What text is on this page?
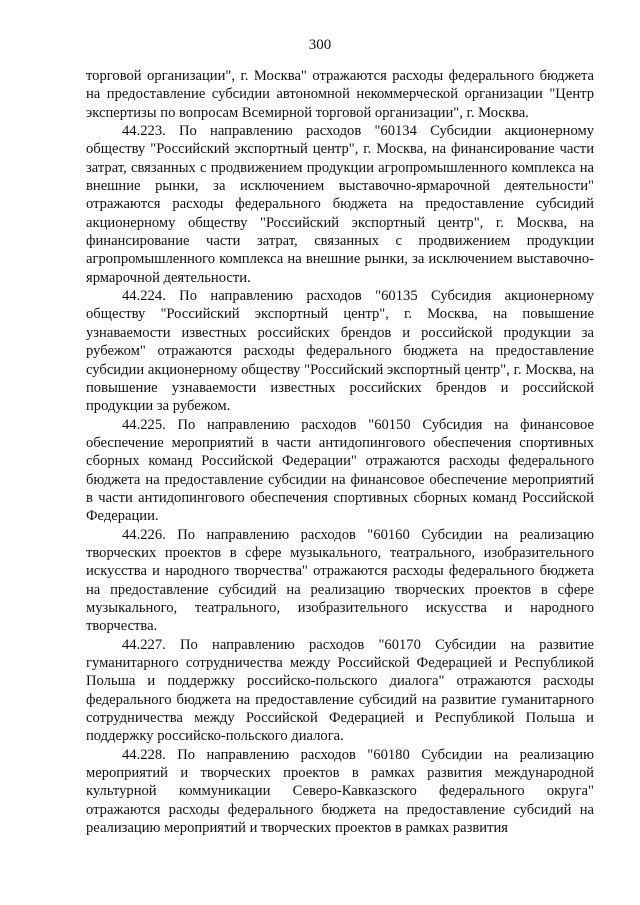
300

торговой организации", г. Москва" отражаются расходы федерального бюджета на предоставление субсидии автономной некоммерческой организации "Центр экспертизы по вопросам Всемирной торговой организации", г. Москва.

44.223. По направлению расходов "60134 Субсидии акционерному обществу "Российский экспортный центр", г. Москва, на финансирование части затрат, связанных с продвижением продукции агропромышленного комплекса на внешние рынки, за исключением выставочно-ярмарочной деятельности" отражаются расходы федерального бюджета на предоставление субсидий акционерному обществу "Российский экспортный центр", г. Москва, на финансирование части затрат, связанных с продвижением продукции агропромышленного комплекса на внешние рынки, за исключением выставочно-ярмарочной деятельности.

44.224. По направлению расходов "60135 Субсидия акционерному обществу "Российский экспортный центр", г. Москва, на повышение узнаваемости известных российских брендов и российской продукции за рубежом" отражаются расходы федерального бюджета на предоставление субсидии акционерному обществу "Российский экспортный центр", г. Москва, на повышение узнаваемости известных российских брендов и российской продукции за рубежом.

44.225. По направлению расходов "60150 Субсидия на финансовое обеспечение мероприятий в части антидопингового обеспечения спортивных сборных команд Российской Федерации" отражаются расходы федерального бюджета на предоставление субсидии на финансовое обеспечение мероприятий в части антидопингового обеспечения спортивных сборных команд Российской Федерации.

44.226. По направлению расходов "60160 Субсидии на реализацию творческих проектов в сфере музыкального, театрального, изобразительного искусства и народного творчества" отражаются расходы федерального бюджета на предоставление субсидий на реализацию творческих проектов в сфере музыкального, театрального, изобразительного искусства и народного творчества.

44.227. По направлению расходов "60170 Субсидии на развитие гуманитарного сотрудничества между Российской Федерацией и Республикой Польша и поддержку российско-польского диалога" отражаются расходы федерального бюджета на предоставление субсидий на развитие гуманитарного сотрудничества между Российской Федерацией и Республикой Польша и поддержку российско-польского диалога.

44.228. По направлению расходов "60180 Субсидии на реализацию мероприятий и творческих проектов в рамках развития международной культурной коммуникации Северо-Кавказского федерального округа" отражаются расходы федерального бюджета на предоставление субсидий на реализацию мероприятий и творческих проектов в рамках развития
